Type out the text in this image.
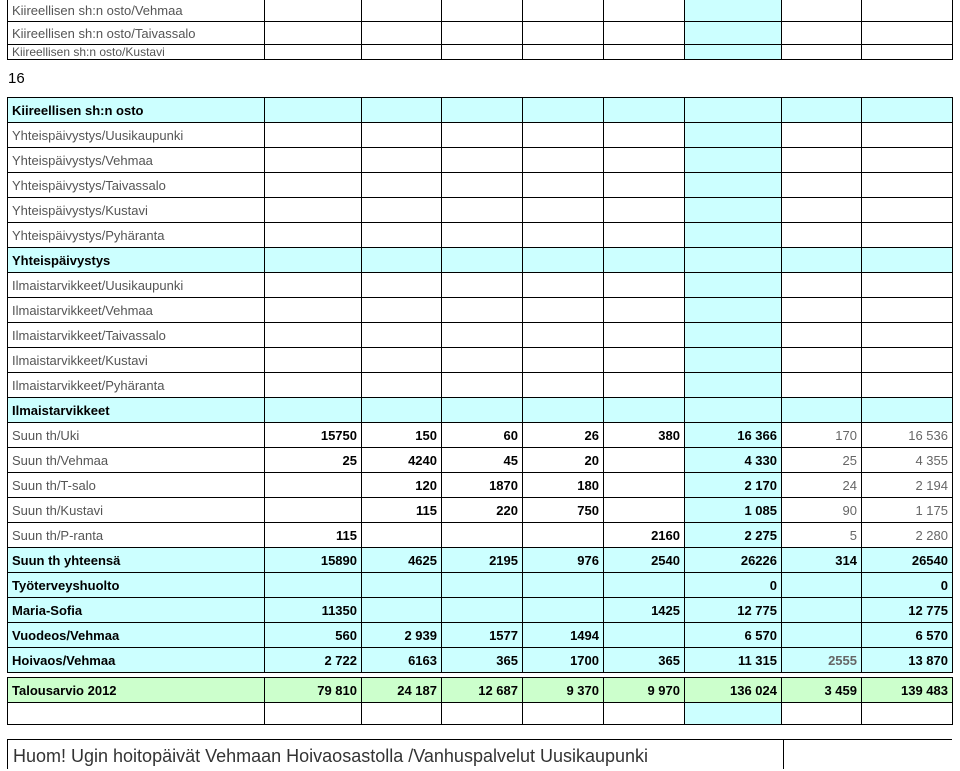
Kiireellisen sh:n osto/Vehmaa								
Kiireellisen sh:n osto/Taivassalo								
Kiireellisen sh:n osto/Kustavi								
16
Kiireellisen sh:n osto								
Yhteispäivystys/Uusikaupunki								
Yhteispäivystys/Vehmaa								
Yhteispäivystys/Taivassalo								
Yhteispäivystys/Kustavi								
Yhteispäivystys/Pyhäranta								
Yhteispäivystys								
Ilmaistarvikkeet/Uusikaupunki								
Ilmaistarvikkeet/Vehmaa								
Ilmaistarvikkeet/Taivassalo								
Ilmaistarvikkeet/Kustavi								
Ilmaistarvikkeet/Pyhäranta								
Ilmaistarvikkeet								
Suun th/Uki	15750	150	60	26	380	16 366	170	16 536
Suun th/Vehmaa	25	4240	45	20		4 330	25	4 355
Suun th/T-salo		120	1870	180		2 170	24	2 194
Suun th/Kustavi		115	220	750		1 085	90	1 175
Suun th/P-ranta	115				2160	2 275	5	2 280
Suun th yhteensä	15890	4625	2195	976	2540	26226	314	26540
Työterveyshuolto						0		0
Maria-Sofia	11350				1425	12 775		12 775
Vuodeos/Vehmaa	560	2 939	1577	1494		6 570		6 570
Hoivaos/Vehmaa	2 722	6163	365	1700	365	11 315	2555	13 870

Talousarvio 2012	79 810	24 187	12 687	9 370	9 970	136 024	3 459	139 483

Huom! Ugin hoitopäivät Vehmaan Hoivaosastolla /Vanhuspalvelut Uusikaupunki
